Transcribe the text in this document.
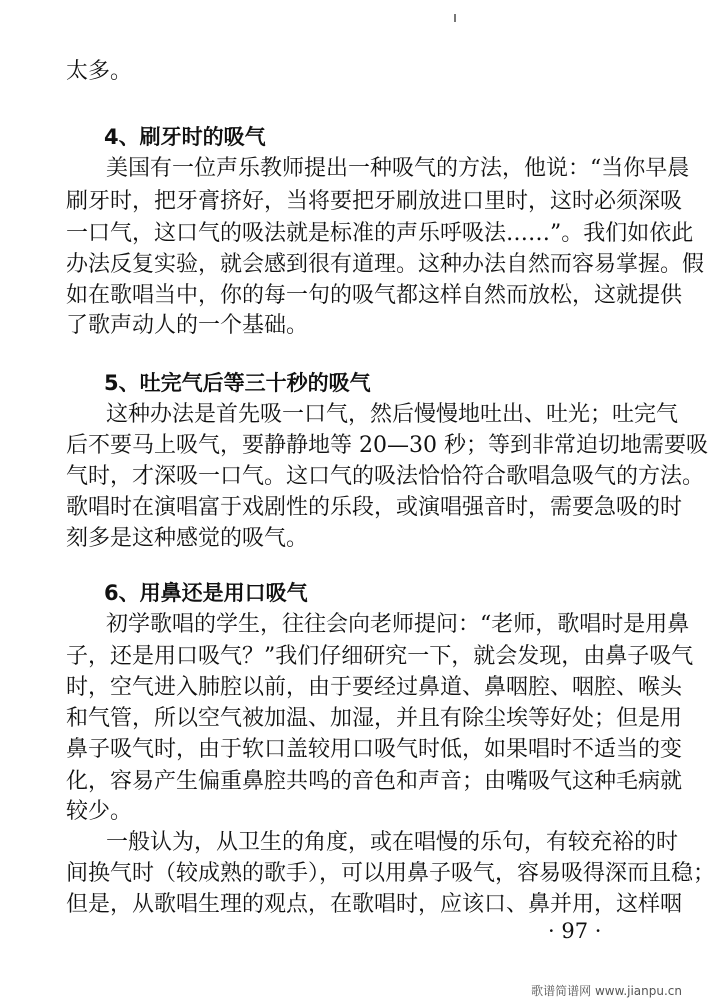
太多。
4、刷牙时的吸气
美国有一位声乐教师提出一种吸气的方法，他说：“当你早晨
刷牙时，把牙膏挤好，当将要把牙刷放进口里时，这时必须深吸
一口气，这口气的吸法就是标准的声乐呼吸法……”。我们如依此
办法反复实验，就会感到很有道理。这种办法自然而容易掌握。假
如在歌唱当中，你的每一句的吸气都这样自然而放松，这就提供
了歌声动人的一个基础。
5、吐完气后等三十秒的吸气
这种办法是首先吸一口气，然后慢慢地吐出、吐光；吐完气
后不要马上吸气，要静静地等 20—30 秒；等到非常迫切地需要吸
气时，才深吸一口气。这口气的吸法恰恰符合歌唱急吸气的方法。
歌唱时在演唱富于戏剧性的乐段，或演唱强音时，需要急吸的时
刻多是这种感觉的吸气。
6、用鼻还是用口吸气
初学歌唱的学生，往往会向老师提问：“老师，歌唱时是用鼻
子，还是用口吸气？”我们仔细研究一下，就会发现，由鼻子吸气
时，空气进入肺腔以前，由于要经过鼻道、鼻咽腔、咽腔、喉头
和气管，所以空气被加温、加湿，并且有除尘埃等好处；但是用
鼻子吸气时，由于软口盖较用口吸气时低，如果唱时不适当的变
化，容易产生偏重鼻腔共鸣的音色和声音；由嘴吸气这种毛病就
较少。
一般认为，从卫生的角度，或在唱慢的乐句，有较充裕的时
间换气时（较成熟的歌手），可以用鼻子吸气，容易吸得深而且稳；
但是，从歌唱生理的观点，在歌唱时，应该口、鼻并用，这样咽
· 97 ·
歌谱简谱网 www.jianpu.cn
